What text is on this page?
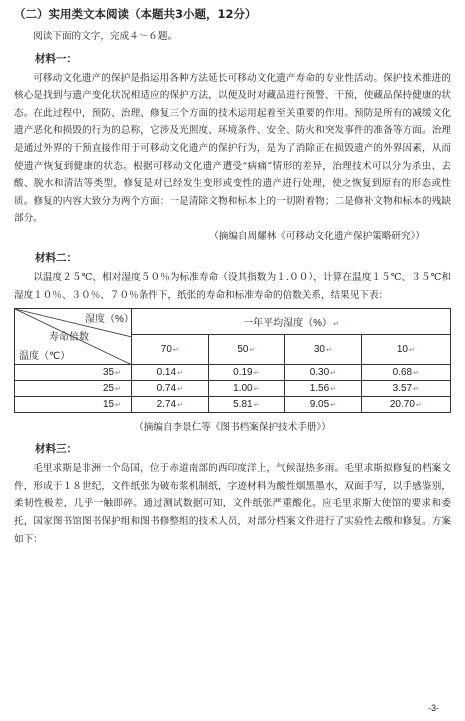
（二）实用类文本阅读（本题共3小题，12分）
阅读下面的文字，完成４～６题。
材料一：
可移动文化遗产的保护是指运用各种方法延长可移动文化遗产寿命的专业性活动。保护技术推进的核心是找到与遗产变化状况相适应的保护方法，以便及时对藏品进行预警、干预，使藏品保持健康的状态。在此过程中，预防、治理、修复三个方面的技术运用起着至关重要的作用。预防是所有的减缓文化遗产恶化和损毁的行为的总称，它涉及光照度、环境条件、安全、防火和突发事件的准备等方面。治理是通过外界的干预直接作用于可移动文化遗产的保护行为，是为了消除正在损毁遗产的外界因素，从而使遗产恢复到健康的状态。根据可移动文化遗产遭受“病痛”情形的差异，治理技术可以分为杀虫、去酸、脱水和清洁等类型，修复是对已经发生变形或变性的遗产进行处理，使之恢复到原有的形态或性质。修复的内容大致分为两个方面：一是清除文物和标本上的一切附着物；二是修补文物和标本的残缺部分。
（摘编自周耀林《可移动文化遗产保护策略研究》）
材料二：
以温度２５℃、相对湿度５０％为标准寿命（设其指数为１.００），计算在温度１５℃、３５℃和湿度１０％、３０％、７０％条件下，纸张的寿命和标准寿命的倍数关系，结果见下表：
湿度（%）
寿命倍数
温度（℃）	一年平均湿度（%）↵			
	70↵	50↵	30↵	10↵
35↵	0.14↵	0.19↵	0.30↵	0.68↵
25↵	0.74↵	1.00↵	1.56↵	3.57↵
15↵	2.74↵	5.81↵	9.05↵	20.70↵
（摘编自李景仁等《图书档案保护技术手册》）
材料三：
毛里求斯是非洲一个岛国，位于赤道南部的西印度洋上，气候湿热多雨。毛里求斯拟修复的档案文件，形成于１８世纪，文件纸张为破布浆机制纸，字迹材料为酸性烟黑墨水，双面手写，以手感鉴别，柔韧性极差，几乎一触即碎。通过测试数据可知，文件纸张严重酸化。应毛里求斯大使馆的要求和委托，国家图书馆图书保护组和图书修整组的技术人员，对部分档案文件进行了实验性去酸和修复。方案如下：
-3-
